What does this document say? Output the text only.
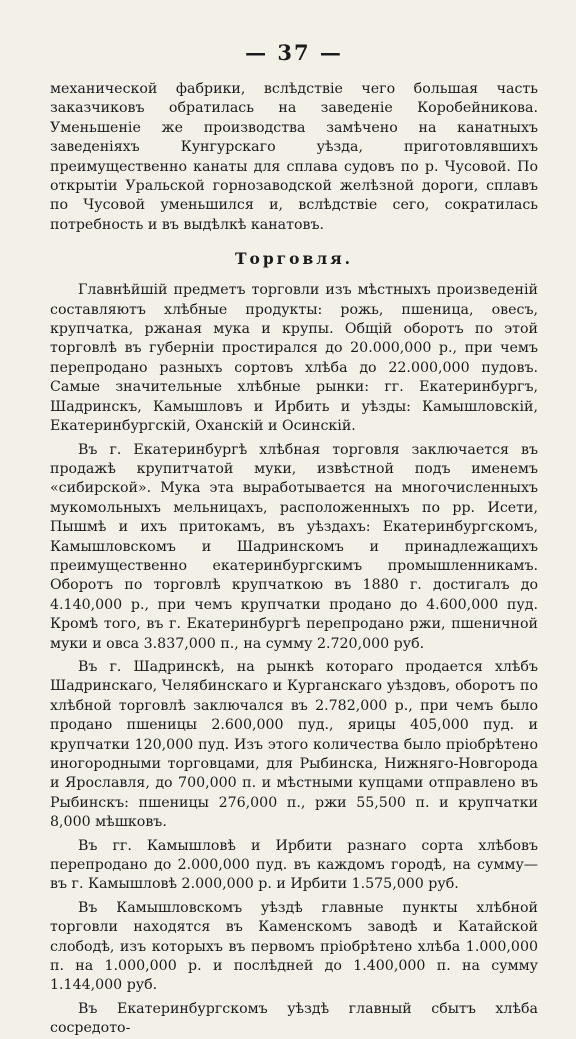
— 37 —

механической фабрики, вслѣдствіе чего большая часть заказчиковъ обратилась на заведеніе Коробейникова. Уменьшеніе же производства замѣчено на канатныхъ заведеніяхъ Кунгурскаго уѣзда, приготовлявшихъ преимущественно канаты для сплава судовъ по р. Чусовой. По открытіи Уральской горнозаводской желѣзной дороги, сплавъ по Чусовой уменьшился и, вслѣдствіе сего, сократилась потребность и въ выдѣлкѣ канатовъ.

Торговля.

Главнѣйшій предметъ торговли изъ мѣстныхъ произведеній составляютъ хлѣбные продукты: рожь, пшеница, овесъ, крупчатка, ржаная мука и крупы. Общій оборотъ по этой торговлѣ въ губерніи простирался до 20.000,000 р., при чемъ перепродано разныхъ сортовъ хлѣба до 22.000,000 пудовъ. Самые значительные хлѣбные рынки: гг. Екатеринбургъ, Шадринскъ, Камышловъ и Ирбить и уѣзды: Камышловскій, Екатеринбургскій, Оханскій и Осинскій.

Въ г. Екатеринбургѣ хлѣбная торговля заключается въ продажѣ крупитчатой муки, извѣстной подъ именемъ «сибирской». Мука эта выработывается на многочисленныхъ мукомольныхъ мельницахъ, расположенныхъ по рр. Исети, Пышмѣ и ихъ притокамъ, въ уѣздахъ: Екатеринбургскомъ, Камышловскомъ и Шадринскомъ и принадлежащихъ преимущественно екатеринбургскимъ промышленникамъ. Оборотъ по торговлѣ крупчаткою въ 1880 г. достигалъ до 4.140,000 р., при чемъ крупчатки продано до 4.600,000 пуд. Кромѣ того, въ г. Екатеринбургѣ перепродано ржи, пшеничной муки и овса 3.837,000 п., на сумму 2.720,000 руб.

Въ г. Шадринскѣ, на рынкѣ котораго продается хлѣбъ Шадринскаго, Челябинскаго и Курганскаго уѣздовъ, оборотъ по хлѣбной торговлѣ заключался въ 2.782,000 р., при чемъ было продано пшеницы 2.600,000 пуд., ярицы 405,000 пуд. и крупчатки 120,000 пуд. Изъ этого количества было пріобрѣтено иногородными торговцами, для Рыбинска, Нижняго-Новгорода и Ярославля, до 700,000 п. и мѣстными купцами отправлено въ Рыбинскъ: пшеницы 276,000 п., ржи 55,500 п. и крупчатки 8,000 мѣшковъ.

Въ гг. Камышловѣ и Ирбити разнаго сорта хлѣбовъ перепродано до 2.000,000 пуд. въ каждомъ городѣ, на сумму—въ г. Камышловѣ 2.000,000 р. и Ирбити 1.575,000 руб.

Въ Камышловскомъ уѣздѣ главные пункты хлѣбной торговли находятся въ Каменскомъ заводѣ и Катайской слободѣ, изъ которыхъ въ первомъ пріобрѣтено хлѣба 1.000,000 п. на 1.000,000 р. и послѣдней до 1.400,000 п. на сумму 1.144,000 руб.

Въ Екатеринбургскомъ уѣздѣ главный сбытъ хлѣба сосредото-
